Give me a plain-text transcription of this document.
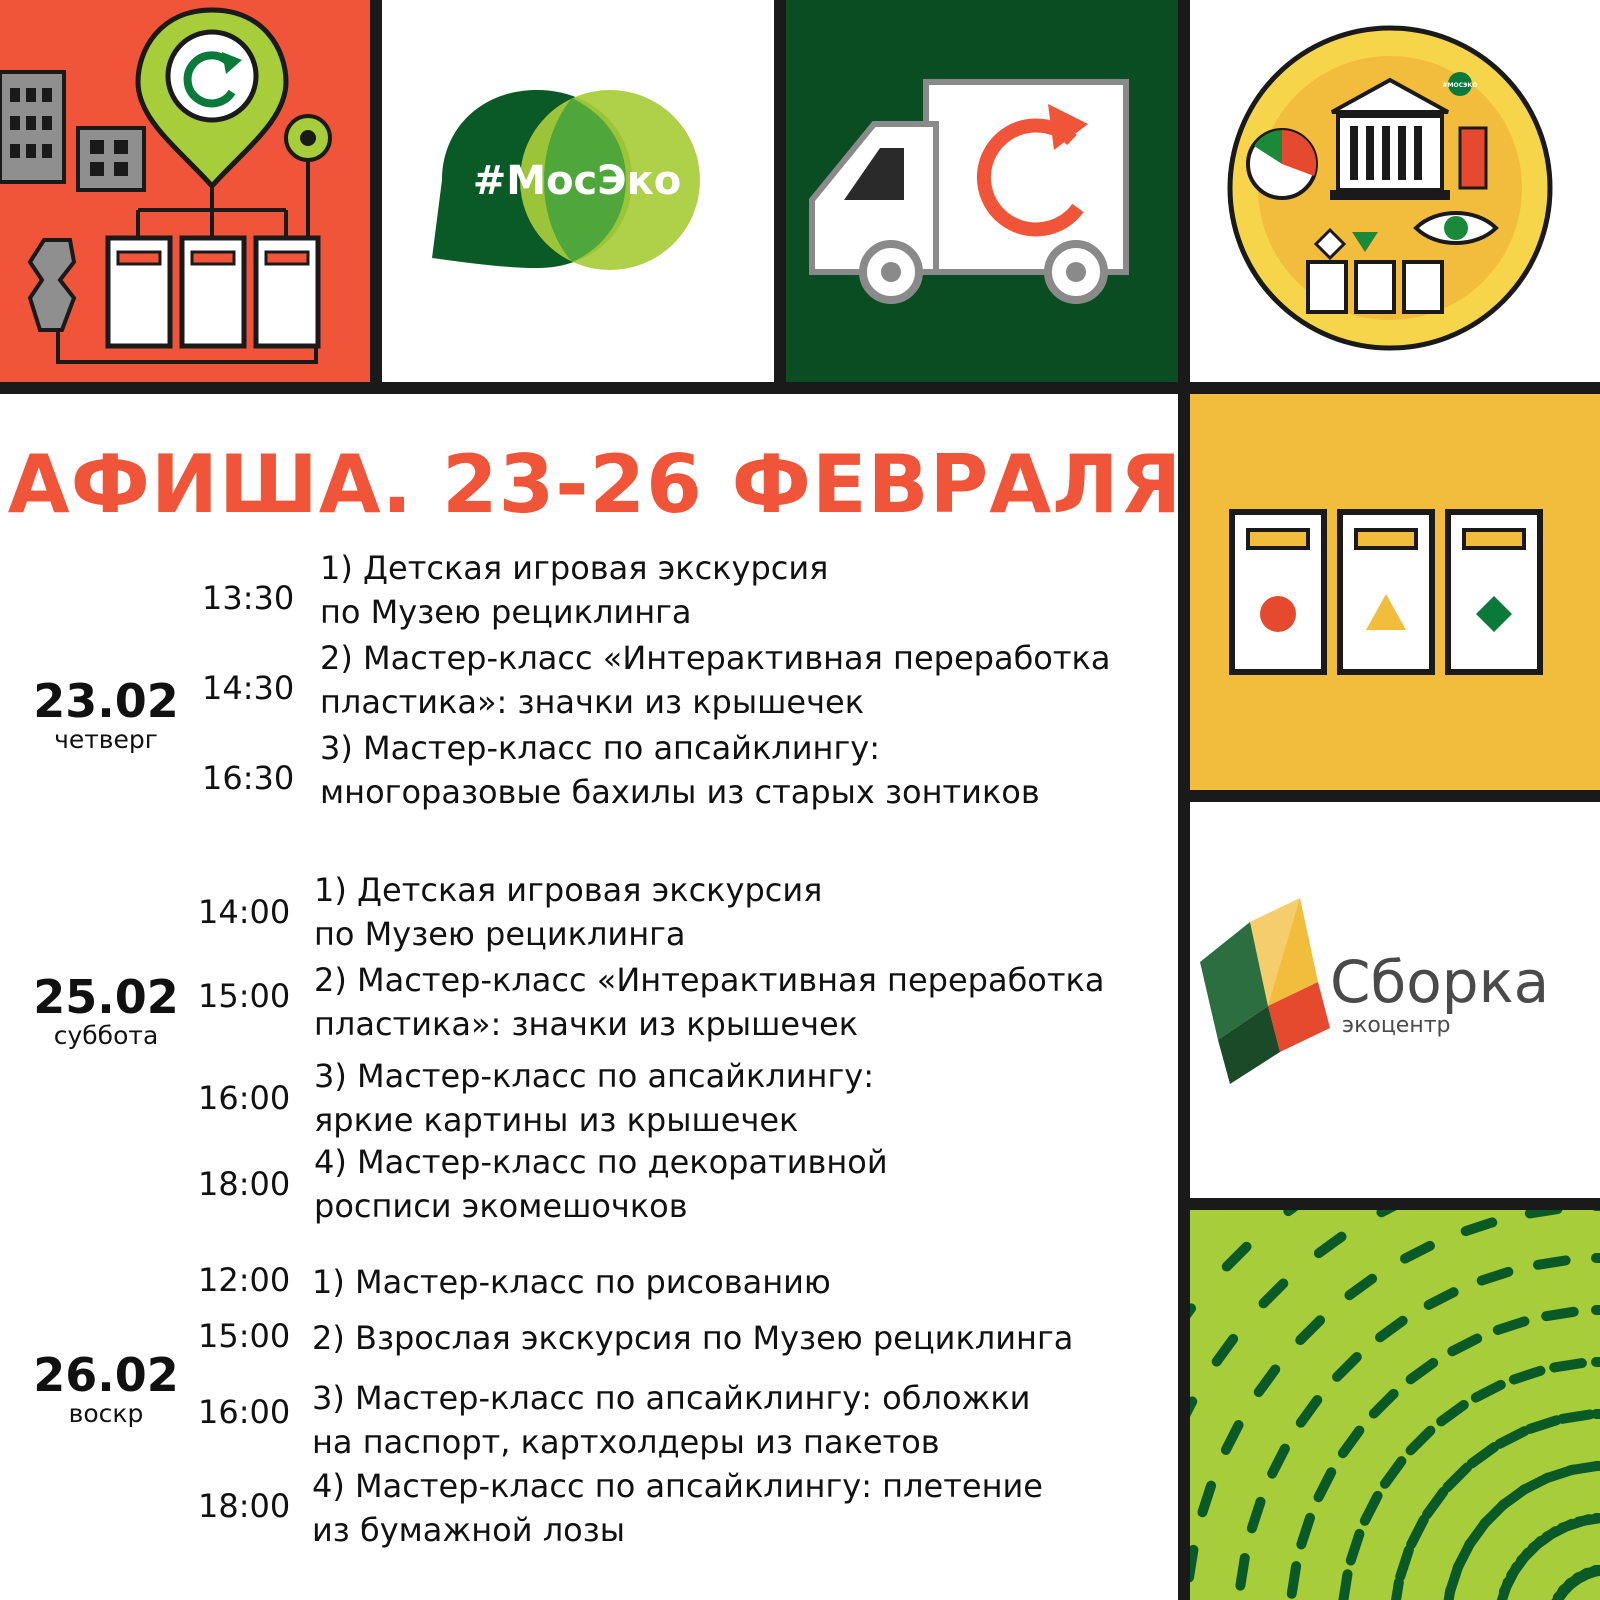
#МосЭко
#МОСЭКО
Сборка
экоцентр
АФИША. 23-26 ФЕВРАЛЯ
23.02
четверг
13:30
1) Детская игровая экскурсия
по Музею рециклинга
14:30
2) Мастер-класс «Интерактивная переработка
пластика»: значки из крышечек
16:30
3) Мастер-класс по апсайклингу:
многоразовые бахилы из старых зонтиков
25.02
суббота
14:00
1) Детская игровая экскурсия
по Музею рециклинга
15:00 2) Мастер-класс «Интерактивная переработка
пластика»: значки из крышечек
16:00
3) Мастер-класс по апсайклингу:
яркие картины из крышечек
18:00
4) Мастер-класс по декоративной
росписи экомешочков
26.02
воскр
12:00 1) Мастер-класс по рисованию
15:00 2) Взрослая экскурсия по Музею рециклинга
16:00 3) Мастер-класс по апсайклингу: обложки
на паспорт, картхолдеры из пакетов
18:00
4) Мастер-класс по апсайклингу: плетение
из бумажной лозы
